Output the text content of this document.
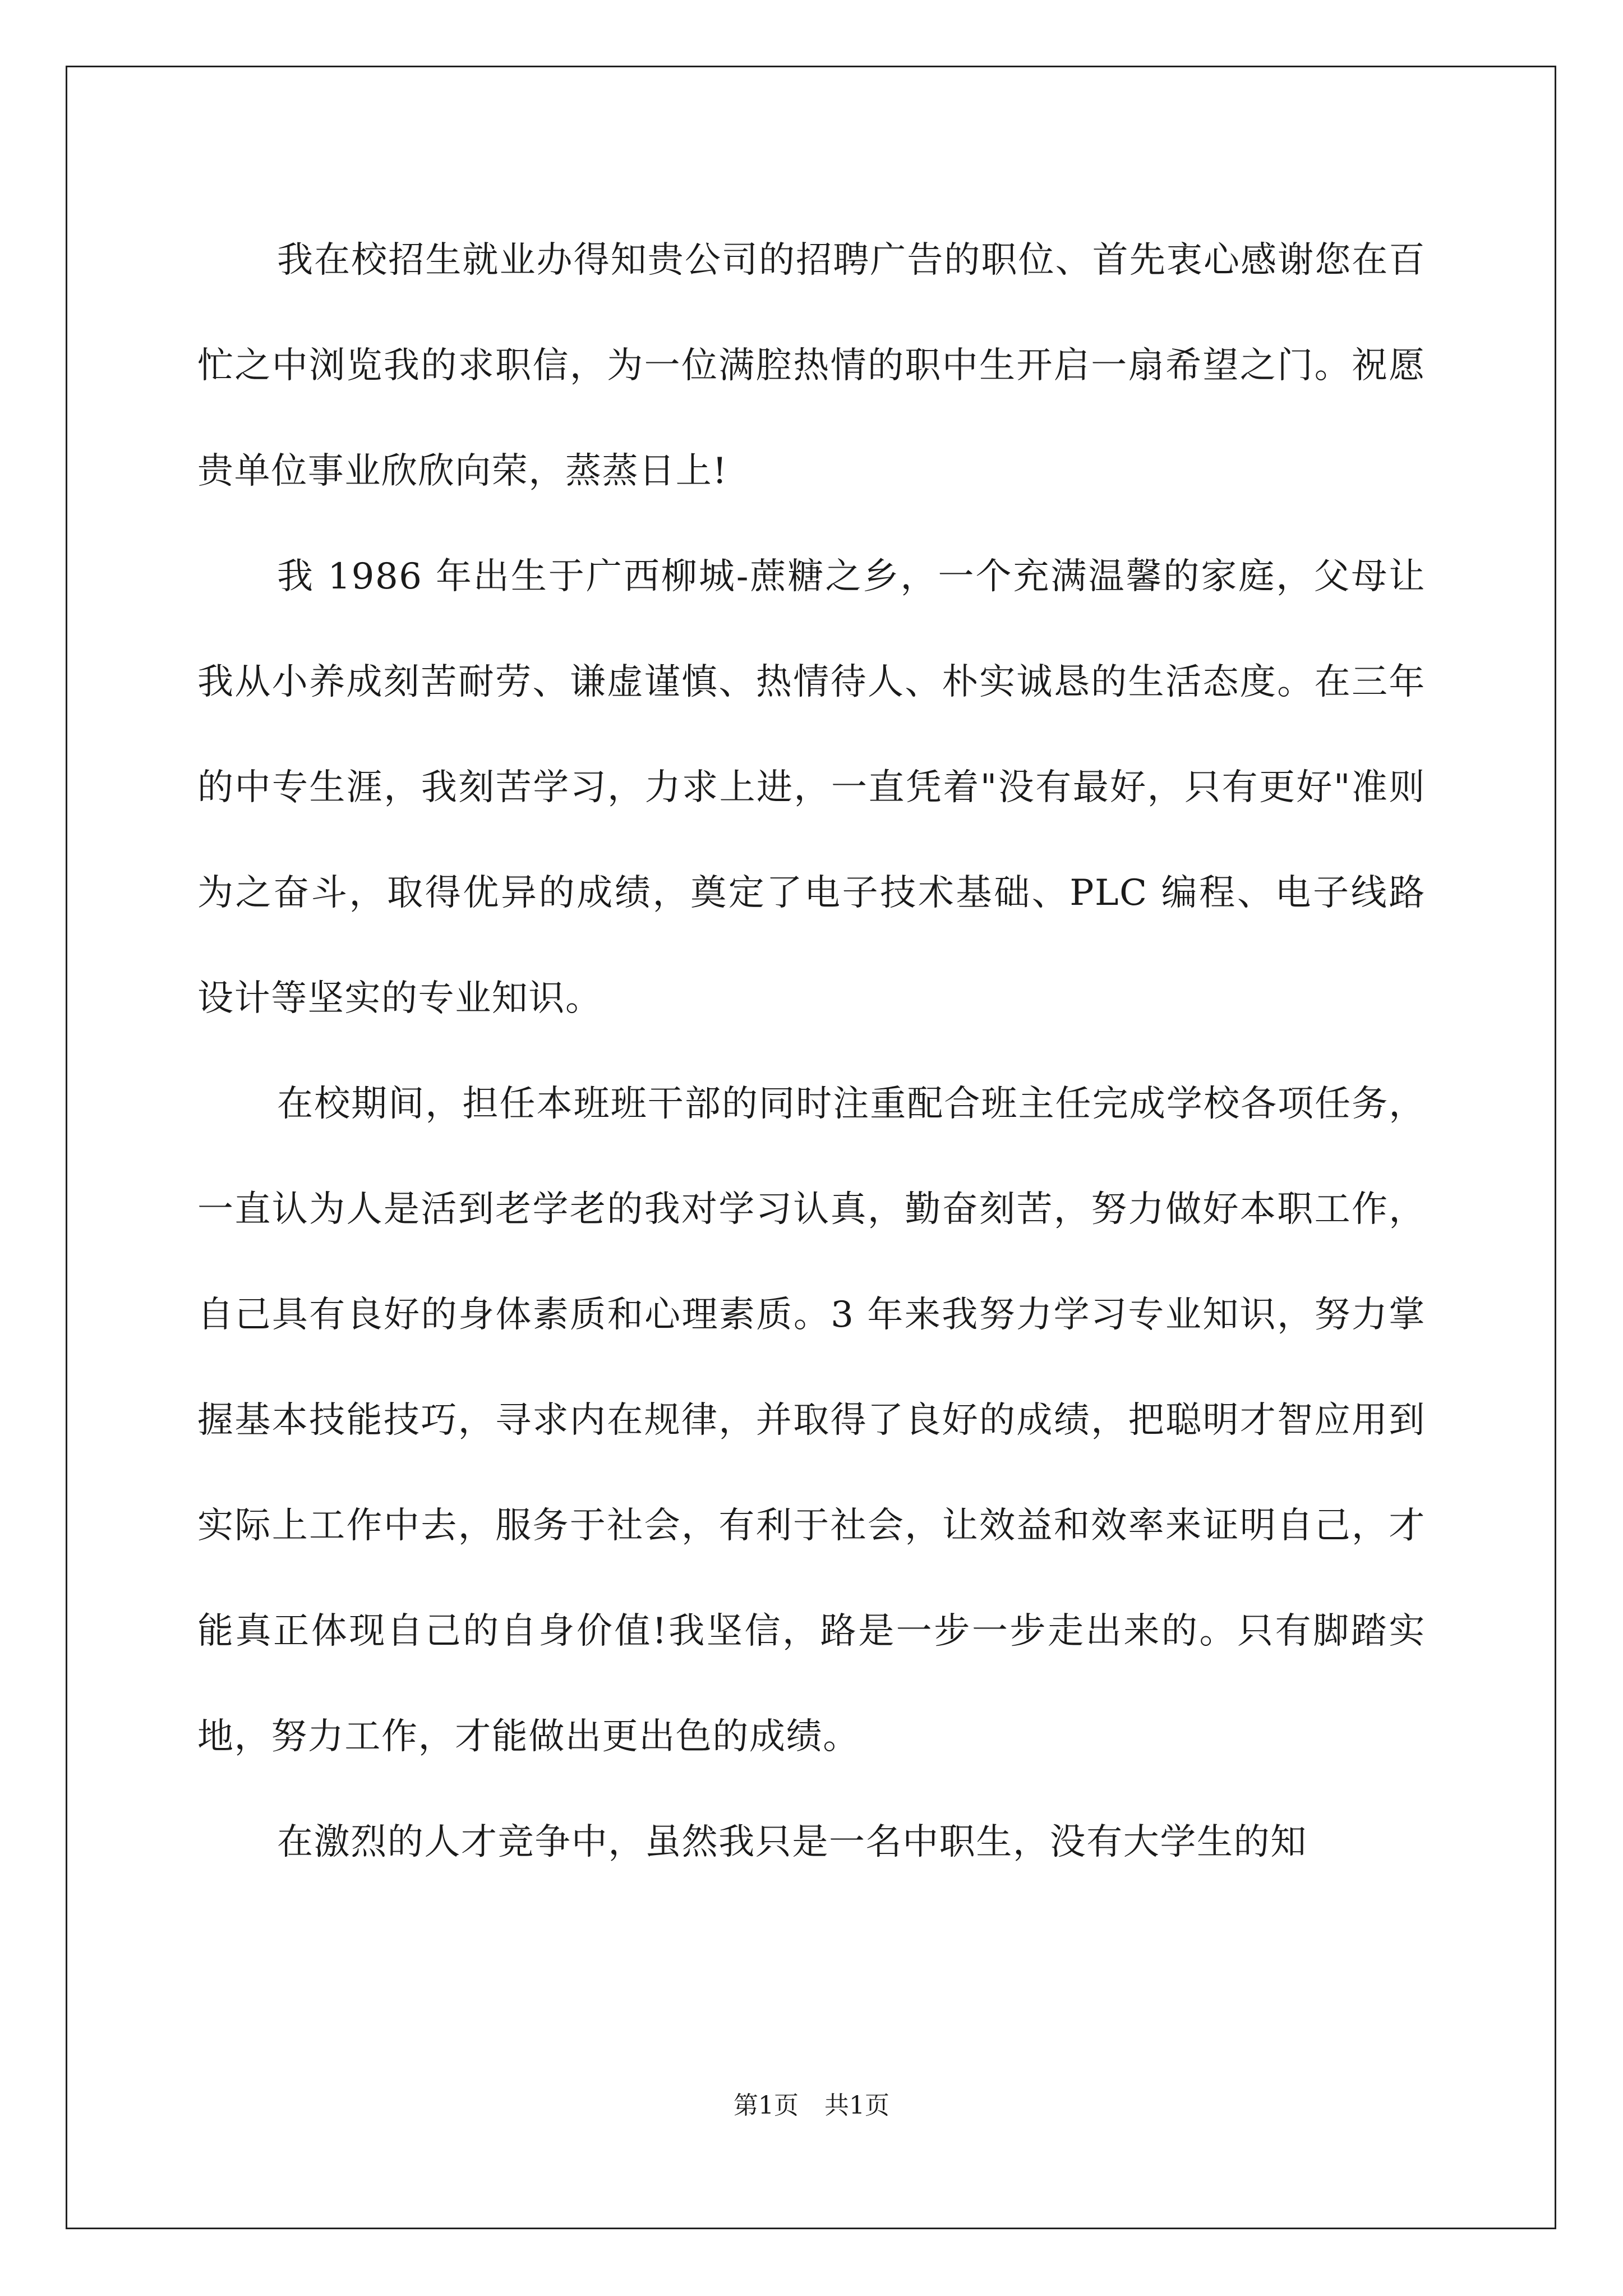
我在校招生就业办得知贵公司的招聘广告的职位、首先衷心感谢您在百忙之中浏览我的求职信，为一位满腔热情的职中生开启一扇希望之门。祝愿贵单位事业欣欣向荣，蒸蒸日上!

我 1986 年出生于广西柳城-蔗糖之乡，一个充满温馨的家庭，父母让我从小养成刻苦耐劳、谦虚谨慎、热情待人、朴实诚恳的生活态度。在三年的中专生涯，我刻苦学习，力求上进，一直凭着"没有最好，只有更好"准则为之奋斗，取得优异的成绩，奠定了电子技术基础、PLC 编程、电子线路设计等坚实的专业知识。

在校期间，担任本班班干部的同时注重配合班主任完成学校各项任务，一直认为人是活到老学老的我对学习认真，勤奋刻苦，努力做好本职工作，自己具有良好的身体素质和心理素质。3 年来我努力学习专业知识，努力掌握基本技能技巧，寻求内在规律，并取得了良好的成绩，把聪明才智应用到实际上工作中去，服务于社会，有利于社会，让效益和效率来证明自己，才能真正体现自己的自身价值!我坚信，路是一步一步走出来的。只有脚踏实地，努力工作，才能做出更出色的成绩。

在激烈的人才竞争中，虽然我只是一名中职生，没有大学生的知

第1页 共1页
